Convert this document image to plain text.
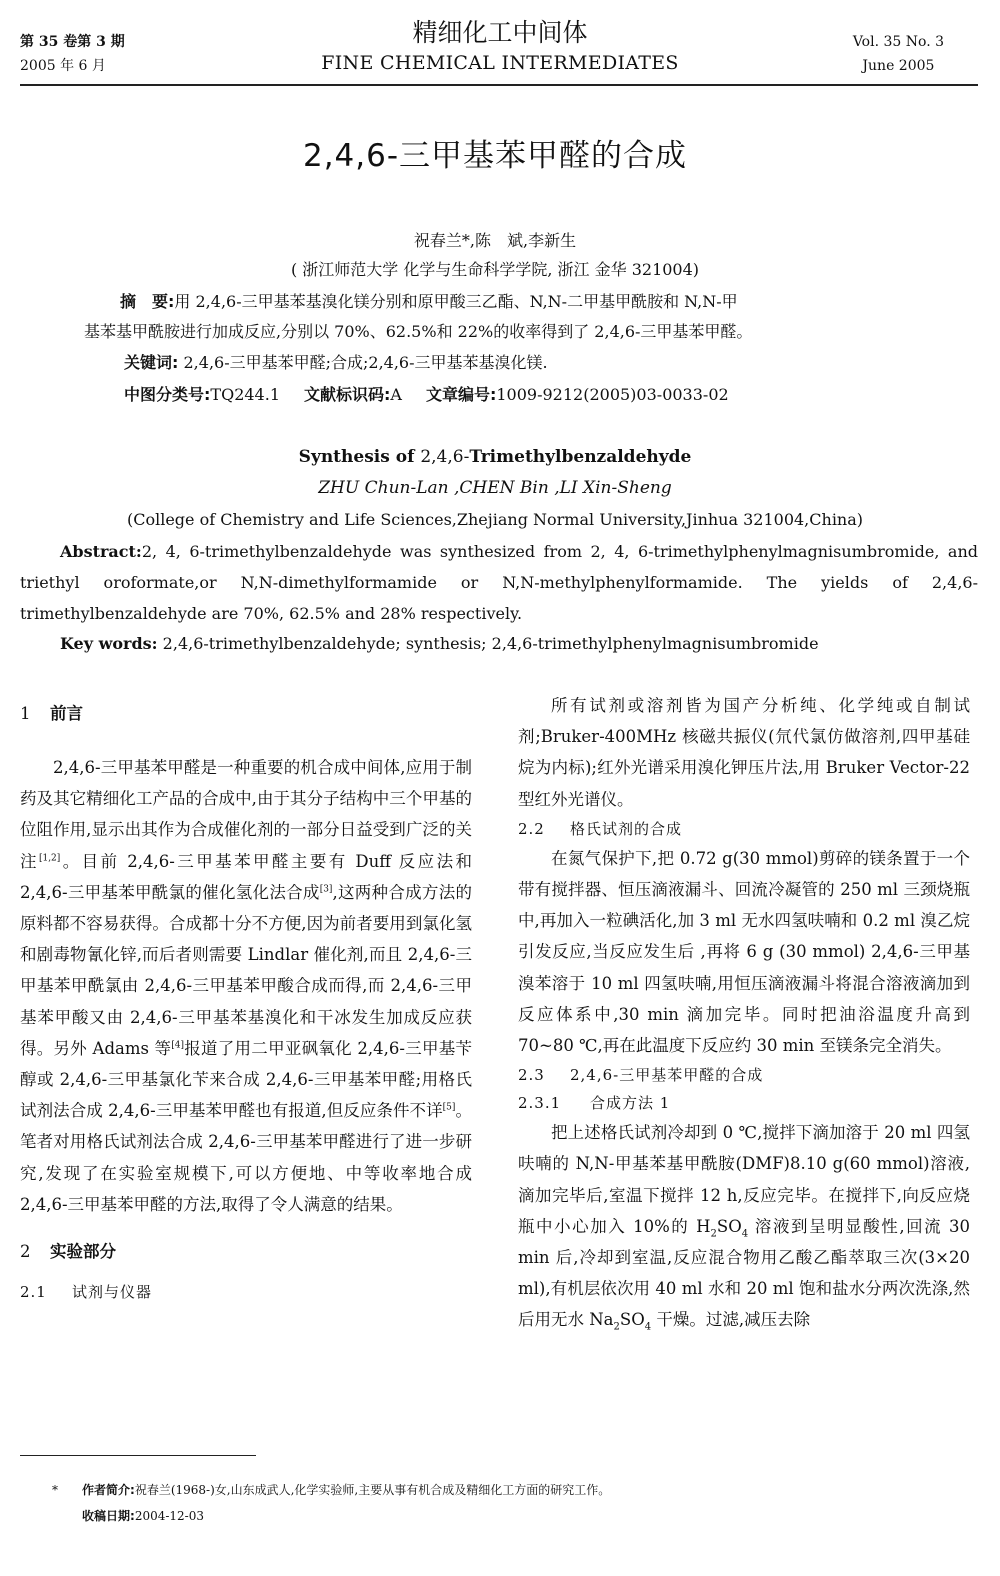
第 35 卷第 3 期
2005 年 6 月
精细化工中间体
FINE CHEMICAL INTERMEDIATES
Vol. 35 No. 3
June 2005
2,4,6-三甲基苯甲醛的合成
祝春兰*,陈　斌,李新生
( 浙江师范大学 化学与生命科学学院, 浙江 金华 321004)

摘　要:用 2,4,6-三甲基苯基溴化镁分别和原甲酸三乙酯、N,N-二甲基甲酰胺和 N,N-甲

基苯基甲酰胺进行加成反应,分别以 70%、62.5%和 22%的收率得到了 2,4,6-三甲基苯甲醛。

关键词: 2,4,6-三甲基苯甲醛;合成;2,4,6-三甲基苯基溴化镁.
中图分类号:TQ244.1 文献标识码:A 文章编号:1009-9212(2005)03-0033-02
Synthesis of 2,4,6-Trimethylbenzaldehyde
ZHU Chun-Lan ,CHEN Bin ,LI Xin-Sheng
(College of Chemistry and Life Sciences,Zhejiang Normal University,Jinhua 321004,China)
Abstract:2, 4, 6-trimethylbenzaldehyde was synthesized from 2, 4, 6-trimethylphenylmagnisumbromide, and triethyl oroformate,or N,N-dimethylformamide or N,N-methylphenylformamide. The yields of 2,4,6-trimethylbenzaldehyde are 70%, 62.5% and 28% respectively.
Key words: 2,4,6-trimethylbenzaldehyde; synthesis; 2,4,6-trimethylphenylmagnisumbromide
1 前言

2,4,6-三甲基苯甲醛是一种重要的机合成中间体,应用于制药及其它精细化工产品的合成中,由于其分子结构中三个甲基的位阻作用,显示出其作为合成催化剂的一部分日益受到广泛的关注[1,2]。目前 2,4,6-三甲基苯甲醛主要有 Duff 反应法和 2,4,6-三甲基苯甲酰氯的催化氢化法合成[3],这两种合成方法的原料都不容易获得。合成都十分不方便,因为前者要用到氯化氢和剧毒物氰化锌,而后者则需要 Lindlar 催化剂,而且 2,4,6-三甲基苯甲酰氯由 2,4,6-三甲基苯甲酸合成而得,而 2,4,6-三甲基苯甲酸又由 2,4,6-三甲基苯基溴化和干冰发生加成反应获得。另外 Adams 等[4]报道了用二甲亚砜氧化 2,4,6-三甲基苄醇或 2,4,6-三甲基氯化苄来合成 2,4,6-三甲基苯甲醛;用格氏试剂法合成 2,4,6-三甲基苯甲醛也有报道,但反应条件不详[5]。笔者对用格氏试剂法合成 2,4,6-三甲基苯甲醛进行了进一步研究,发现了在实验室规模下,可以方便地、中等收率地合成 2,4,6-三甲基苯甲醛的方法,取得了令人满意的结果。

2 实验部分
2.1 试剂与仪器

所有试剂或溶剂皆为国产分析纯、化学纯或自制试剂;Bruker-400MHz 核磁共振仪(氘代氯仿做溶剂,四甲基硅烷为内标);红外光谱采用溴化钾压片法,用 Bruker Vector-22 型红外光谱仪。

2.2 格氏试剂的合成

在氮气保护下,把 0.72 g(30 mmol)剪碎的镁条置于一个带有搅拌器、恒压滴液漏斗、回流冷凝管的 250 ml 三颈烧瓶中,再加入一粒碘活化,加 3 ml 无水四氢呋喃和 0.2 ml 溴乙烷引发反应,当反应发生后 ,再将 6 g (30 mmol) 2,4,6-三甲基溴苯溶于 10 ml 四氢呋喃,用恒压滴液漏斗将混合溶液滴加到反应体系中,30 min 滴加完毕。同时把油浴温度升高到 70~80 ℃,再在此温度下反应约 30 min 至镁条完全消失。

2.3 2,4,6-三甲基苯甲醛的合成
2.3.1 合成方法 1

把上述格氏试剂冷却到 0 ℃,搅拌下滴加溶于 20 ml 四氢呋喃的 N,N-甲基苯基甲酰胺(DMF)8.10 g(60 mmol)溶液,滴加完毕后,室温下搅拌 12 h,反应完毕。在搅拌下,向反应烧瓶中小心加入 10%的 $H_2SO_4$ 溶液到呈明显酸性,回流 30 min 后,冷却到室温,反应混合物用乙酸乙酯萃取三次(3×20 ml),有机层依次用 40 ml 水和 20 ml 饱和盐水分两次洗涤,然后用无水 $Na_2SO_4$ 干燥。过滤,减压去除

* 作者简介:祝春兰(1968-)女,山东成武人,化学实验师,主要从事有机合成及精细化工方面的研究工作。
收稿日期:2004-12-03
